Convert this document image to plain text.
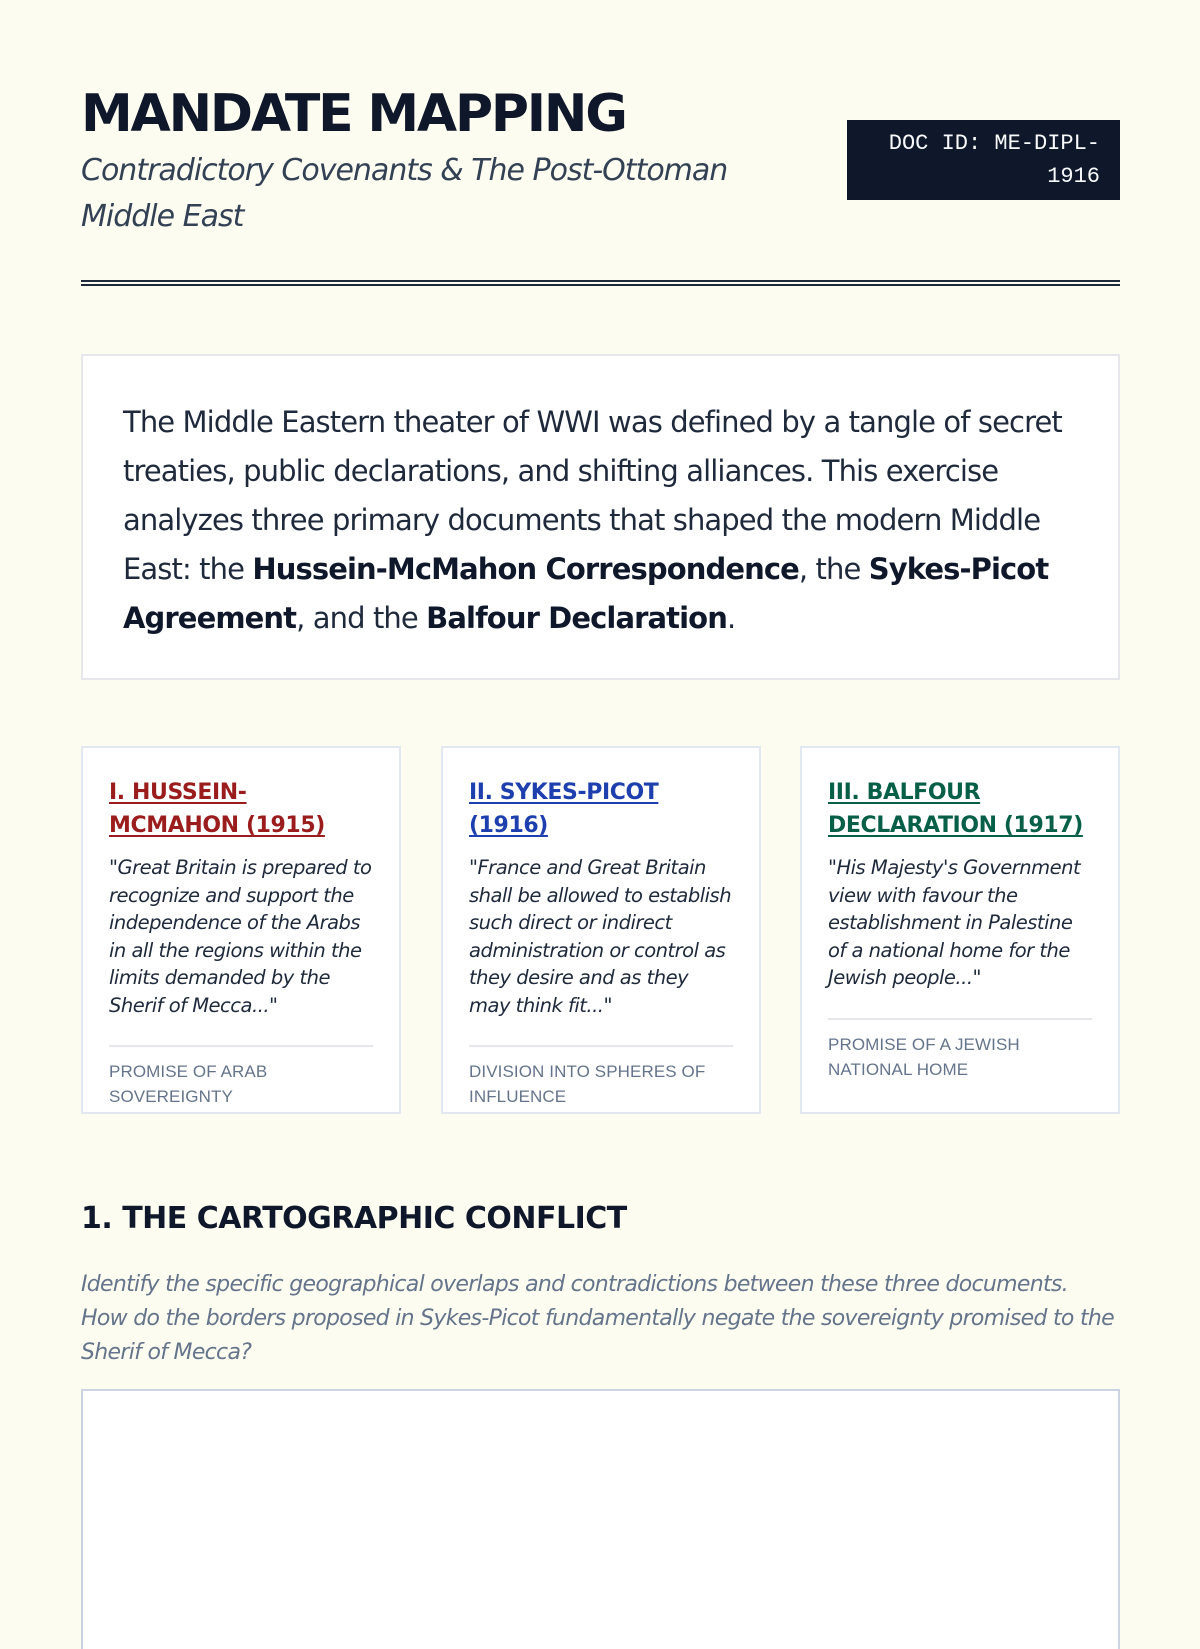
MANDATE MAPPING

Contradictory Covenants & The Post-Ottoman Middle East

DOC ID: ME-DIPL-1916

The Middle Eastern theater of WWI was defined by a tangle of secret treaties, public declarations, and shifting alliances. This exercise analyzes three primary documents that shaped the modern Middle East: the Hussein-McMahon Correspondence, the Sykes-Picot Agreement, and the Balfour Declaration.

I. HUSSEIN-MCMAHON (1915)

"Great Britain is prepared to recognize and support the independence of the Arabs in all the regions within the limits demanded by the Sherif of Mecca..."

PROMISE OF ARAB SOVEREIGNTY

II. SYKES-PICOT (1916)

"France and Great Britain shall be allowed to establish such direct or indirect administration or control as they desire and as they may think fit..."

DIVISION INTO SPHERES OF INFLUENCE

III. BALFOUR DECLARATION (1917)

"His Majesty's Government view with favour the establishment in Palestine of a national home for the Jewish people..."

PROMISE OF A JEWISH NATIONAL HOME

1. THE CARTOGRAPHIC CONFLICT

Identify the specific geographical overlaps and contradictions between these three documents. How do the borders proposed in Sykes-Picot fundamentally negate the sovereignty promised to the Sherif of Mecca?
